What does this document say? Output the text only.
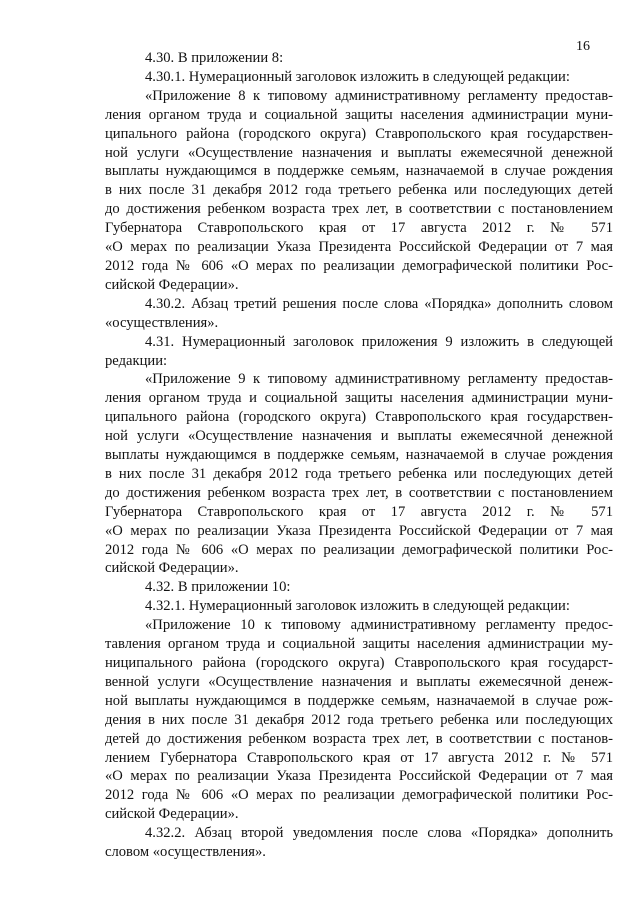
16
4.30. В приложении 8:
4.30.1. Нумерационный заголовок изложить в следующей редакции:
«Приложение 8 к типовому административному регламенту предостав-
ления органом труда и социальной защиты населения администрации муни-
ципального района (городского округа) Ставропольского края государствен-
ной услуги «Осуществление назначения и выплаты ежемесячной денежной
выплаты нуждающимся в поддержке семьям, назначаемой в случае рождения
в них после 31 декабря 2012 года третьего ребенка или последующих детей
до достижения ребенком возраста трех лет, в соответствии с постановлением
Губернатора Ставропольского края от 17 августа 2012 г. № 571
«О мерах по реализации Указа Президента Российской Федерации от 7 мая
2012 года № 606 «О мерах по реализации демографической политики Рос-
сийской Федерации».
4.30.2. Абзац третий решения после слова «Порядка» дополнить словом
«осуществления».
4.31. Нумерационный заголовок приложения 9 изложить в следующей
редакции:
«Приложение 9 к типовому административному регламенту предостав-
ления органом труда и социальной защиты населения администрации муни-
ципального района (городского округа) Ставропольского края государствен-
ной услуги «Осуществление назначения и выплаты ежемесячной денежной
выплаты нуждающимся в поддержке семьям, назначаемой в случае рождения
в них после 31 декабря 2012 года третьего ребенка или последующих детей
до достижения ребенком возраста трех лет, в соответствии с постановлением
Губернатора Ставропольского края от 17 августа 2012 г. № 571
«О мерах по реализации Указа Президента Российской Федерации от 7 мая
2012 года № 606 «О мерах по реализации демографической политики Рос-
сийской Федерации».
4.32. В приложении 10:
4.32.1. Нумерационный заголовок изложить в следующей редакции:
«Приложение 10 к типовому административному регламенту предос-
тавления органом труда и социальной защиты населения администрации му-
ниципального района (городского округа) Ставропольского края государст-
венной услуги «Осуществление назначения и выплаты ежемесячной денеж-
ной выплаты нуждающимся в поддержке семьям, назначаемой в случае рож-
дения в них после 31 декабря 2012 года третьего ребенка или последующих
детей до достижения ребенком возраста трех лет, в соответствии с постанов-
лением Губернатора Ставропольского края от 17 августа 2012 г. № 571
«О мерах по реализации Указа Президента Российской Федерации от 7 мая
2012 года № 606 «О мерах по реализации демографической политики Рос-
сийской Федерации».
4.32.2. Абзац второй уведомления после слова «Порядка» дополнить
словом «осуществления».
